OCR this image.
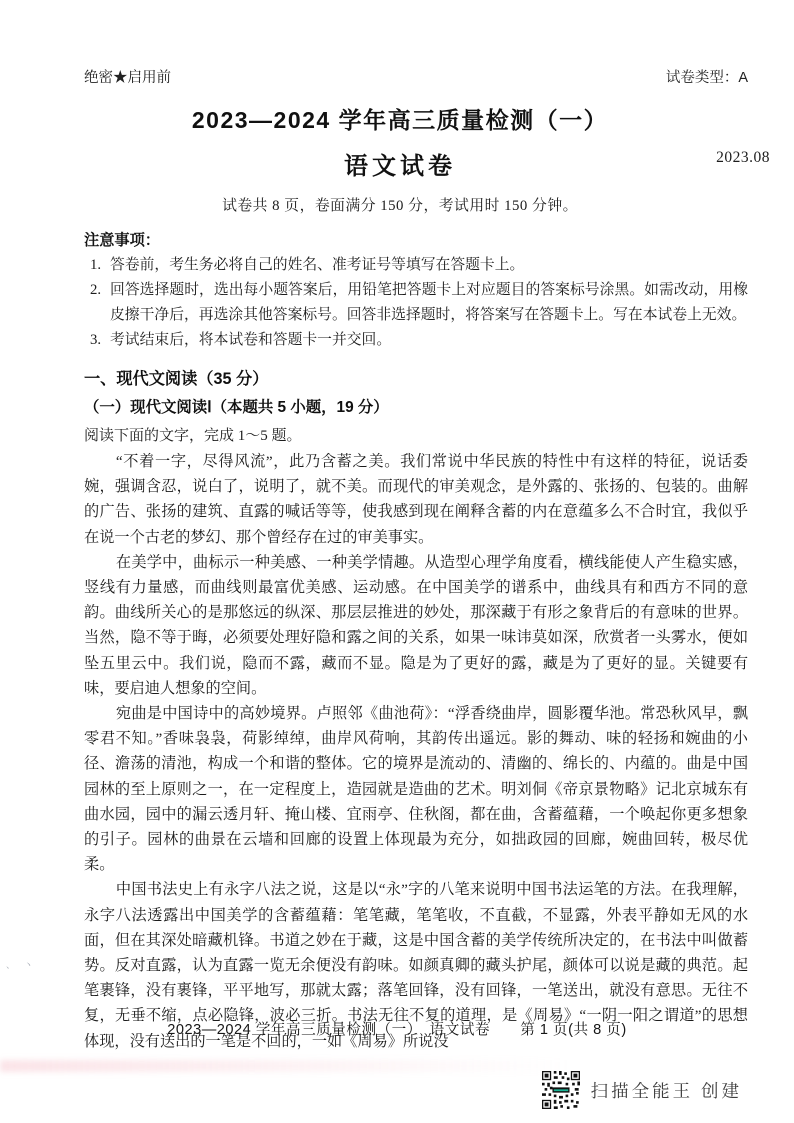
绝密★启用前	试卷类型：A
2023—2024 学年高三质量检测（一）
语文试卷	2023.08
试卷共 8 页，卷面满分 150 分，考试用时 150 分钟。
注意事项：
1. 答卷前，考生务必将自己的姓名、准考证号等填写在答题卡上。
2. 回答选择题时，选出每小题答案后，用铅笔把答题卡上对应题目的答案标号涂黑。如需改动，用橡皮擦干净后，再选涂其他答案标号。回答非选择题时，将答案写在答题卡上。写在本试卷上无效。
3. 考试结束后，将本试卷和答题卡一并交回。
一、现代文阅读（35 分）
（一）现代文阅读Ⅰ（本题共 5 小题，19 分）
阅读下面的文字，完成 1～5 题。

“不着一字，尽得风流”，此乃含蓄之美。我们常说中华民族的特性中有这样的特征，说话委婉，强调含忍，说白了，说明了，就不美。而现代的审美观念，是外露的、张扬的、包装的。曲解的广告、张扬的建筑、直露的喊话等等，使我感到现在阐释含蓄的内在意蕴多么不合时宜，我似乎在说一个古老的梦幻、那个曾经存在过的审美事实。

在美学中，曲标示一种美感、一种美学情趣。从造型心理学角度看，横线能使人产生稳实感，竖线有力量感，而曲线则最富优美感、运动感。在中国美学的谱系中，曲线具有和西方不同的意韵。曲线所关心的是那悠远的纵深、那层层推进的妙处，那深藏于有形之象背后的有意味的世界。当然，隐不等于晦，必须要处理好隐和露之间的关系，如果一味讳莫如深，欣赏者一头雾水，便如坠五里云中。我们说，隐而不露，藏而不显。隐是为了更好的露，藏是为了更好的显。关键要有味，要启迪人想象的空间。

宛曲是中国诗中的高妙境界。卢照邻《曲池荷》：“浮香绕曲岸，圆影覆华池。常恐秋风早，飘零君不知。”香味袅袅，荷影绰绰，曲岸风荷响，其韵传出遥远。影的舞动、味的轻扬和婉曲的小径、澹荡的清池，构成一个和谐的整体。它的境界是流动的、清幽的、绵长的、内蕴的。曲是中国园林的至上原则之一，在一定程度上，造园就是造曲的艺术。明刘侗《帝京景物略》记北京城东有曲水园，园中的漏云透月轩、掩山楼、宜雨亭、住秋阁，都在曲，含蓄蕴藉，一个唤起你更多想象的引子。园林的曲景在云墙和回廊的设置上体现最为充分，如拙政园的回廊，婉曲回转，极尽优柔。

中国书法史上有永字八法之说，这是以“永”字的八笔来说明中国书法运笔的方法。在我理解，永字八法透露出中国美学的含蓄蕴藉：笔笔藏，笔笔收，不直截，不显露，外表平静如无风的水面，但在其深处暗藏机锋。书道之妙在于藏，这是中国含蓄的美学传统所决定的，在书法中叫做蓄势。反对直露，认为直露一览无余便没有韵味。如颜真卿的藏头护尾，颜体可以说是藏的典范。起笔裹锋，没有裹锋，平平地写，那就太露；落笔回锋，没有回锋，一笔送出，就没有意思。无往不复，无垂不缩，点必隐锋，波必三折。书法无往不复的道理，是《周易》“一阴一阳之谓道”的思想体现，没有送出的一笔是不回的，一如《周易》所说没

2023—2024 学年高三质量检测（一）　语文试卷　　第 1 页(共 8 页)
、丶
扫描全能王 创建
